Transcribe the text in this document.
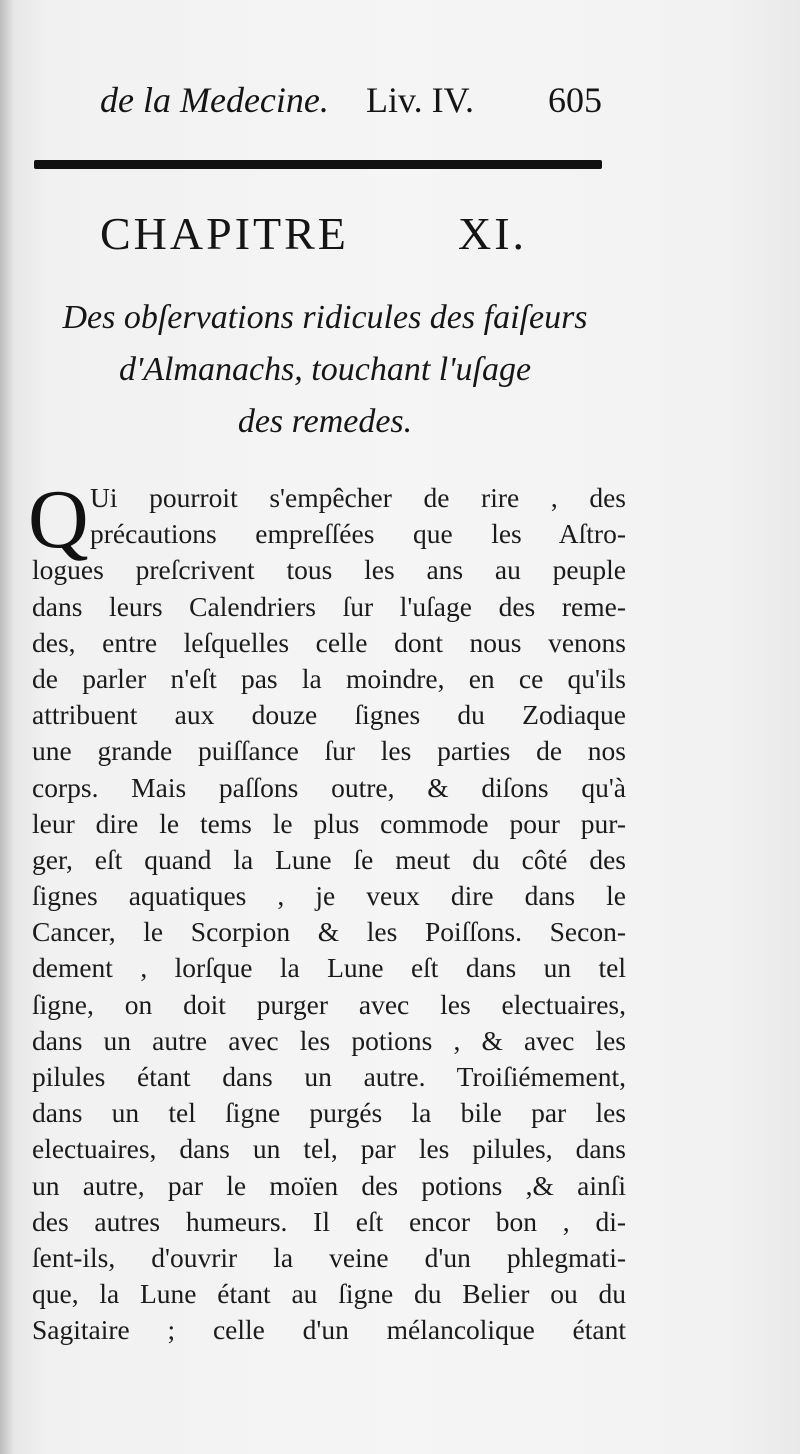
de la Medecine. Liv. IV. 605
CHAPITRE XI.
Des obſervations ridicules des faiſeurs
d'Almanachs, touchant l'uſage
des remedes.
Q Ui pourroit s'empêcher de rire , des
précautions empreſſées que les Aſtro-
logues preſcrivent tous les ans au peuple
dans leurs Calendriers ſur l'uſage des reme-
des, entre leſquelles celle dont nous venons
de parler n'eſt pas la moindre, en ce qu'ils
attribuent aux douze ſignes du Zodiaque
une grande puiſſance ſur les parties de nos
corps. Mais paſſons outre, & diſons qu'à
leur dire le tems le plus commode pour pur-
ger, eſt quand la Lune ſe meut du côté des
ſignes aquatiques , je veux dire dans le
Cancer, le Scorpion & les Poiſſons. Secon-
dement , lorſque la Lune eſt dans un tel
ſigne, on doit purger avec les electuaires,
dans un autre avec les potions , & avec les
pilules étant dans un autre. Troiſiémement,
dans un tel ſigne purgés la bile par les
electuaires, dans un tel, par les pilules, dans
un autre, par le moïen des potions ,& ainſi
des autres humeurs. Il eſt encor bon , di-
ſent-ils, d'ouvrir la veine d'un phlegmati-
que, la Lune étant au ſigne du Belier ou du
Sagitaire ; celle d'un mélancolique étant
